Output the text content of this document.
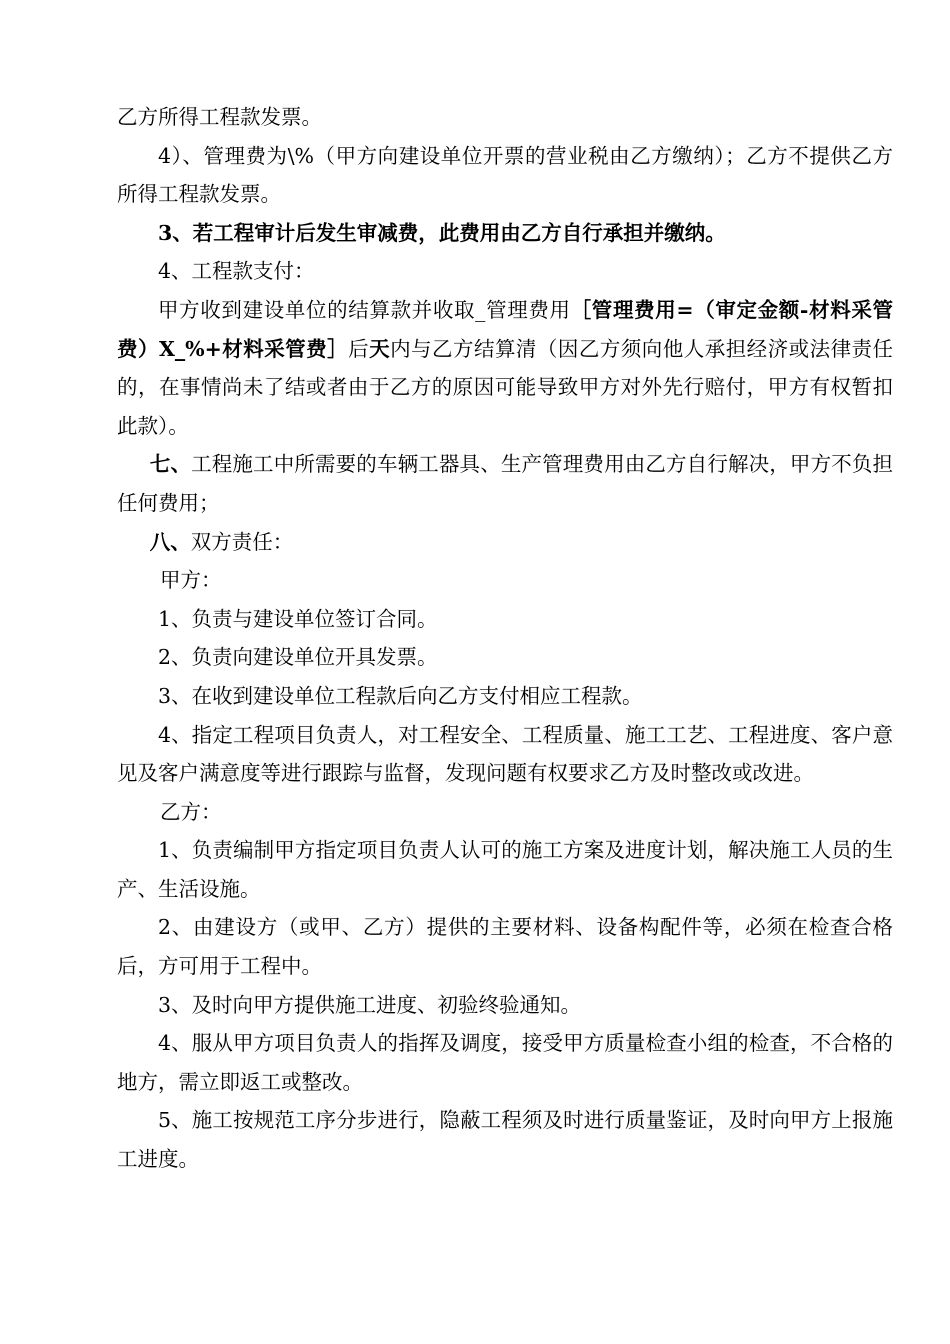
乙方所得工程款发票。

4）、管理费为\%（甲方向建设单位开票的营业税由乙方缴纳）；乙方不提供乙方所得工程款发票。

3、若工程审计后发生审减费，此费用由乙方自行承担并缴纳。

4、工程款支付：

甲方收到建设单位的结算款并收取_管理费用［管理费用=（审定金额-材料采管费）X_%+材料采管费］后天内与乙方结算清（因乙方须向他人承担经济或法律责任的，在事情尚未了结或者由于乙方的原因可能导致甲方对外先行赔付，甲方有权暂扣此款）。

七、工程施工中所需要的车辆工器具、生产管理费用由乙方自行解决，甲方不负担任何费用；

八、双方责任：

甲方：

1、负责与建设单位签订合同。

2、负责向建设单位开具发票。

3、在收到建设单位工程款后向乙方支付相应工程款。

4、指定工程项目负责人，对工程安全、工程质量、施工工艺、工程进度、客户意见及客户满意度等进行跟踪与监督，发现问题有权要求乙方及时整改或改进。

乙方：

1、负责编制甲方指定项目负责人认可的施工方案及进度计划，解决施工人员的生产、生活设施。

2、由建设方（或甲、乙方）提供的主要材料、设备构配件等，必须在检查合格后，方可用于工程中。

3、及时向甲方提供施工进度、初验终验通知。

4、服从甲方项目负责人的指挥及调度，接受甲方质量检查小组的检查，不合格的地方，需立即返工或整改。

5、施工按规范工序分步进行，隐蔽工程须及时进行质量鉴证，及时向甲方上报施工进度。
